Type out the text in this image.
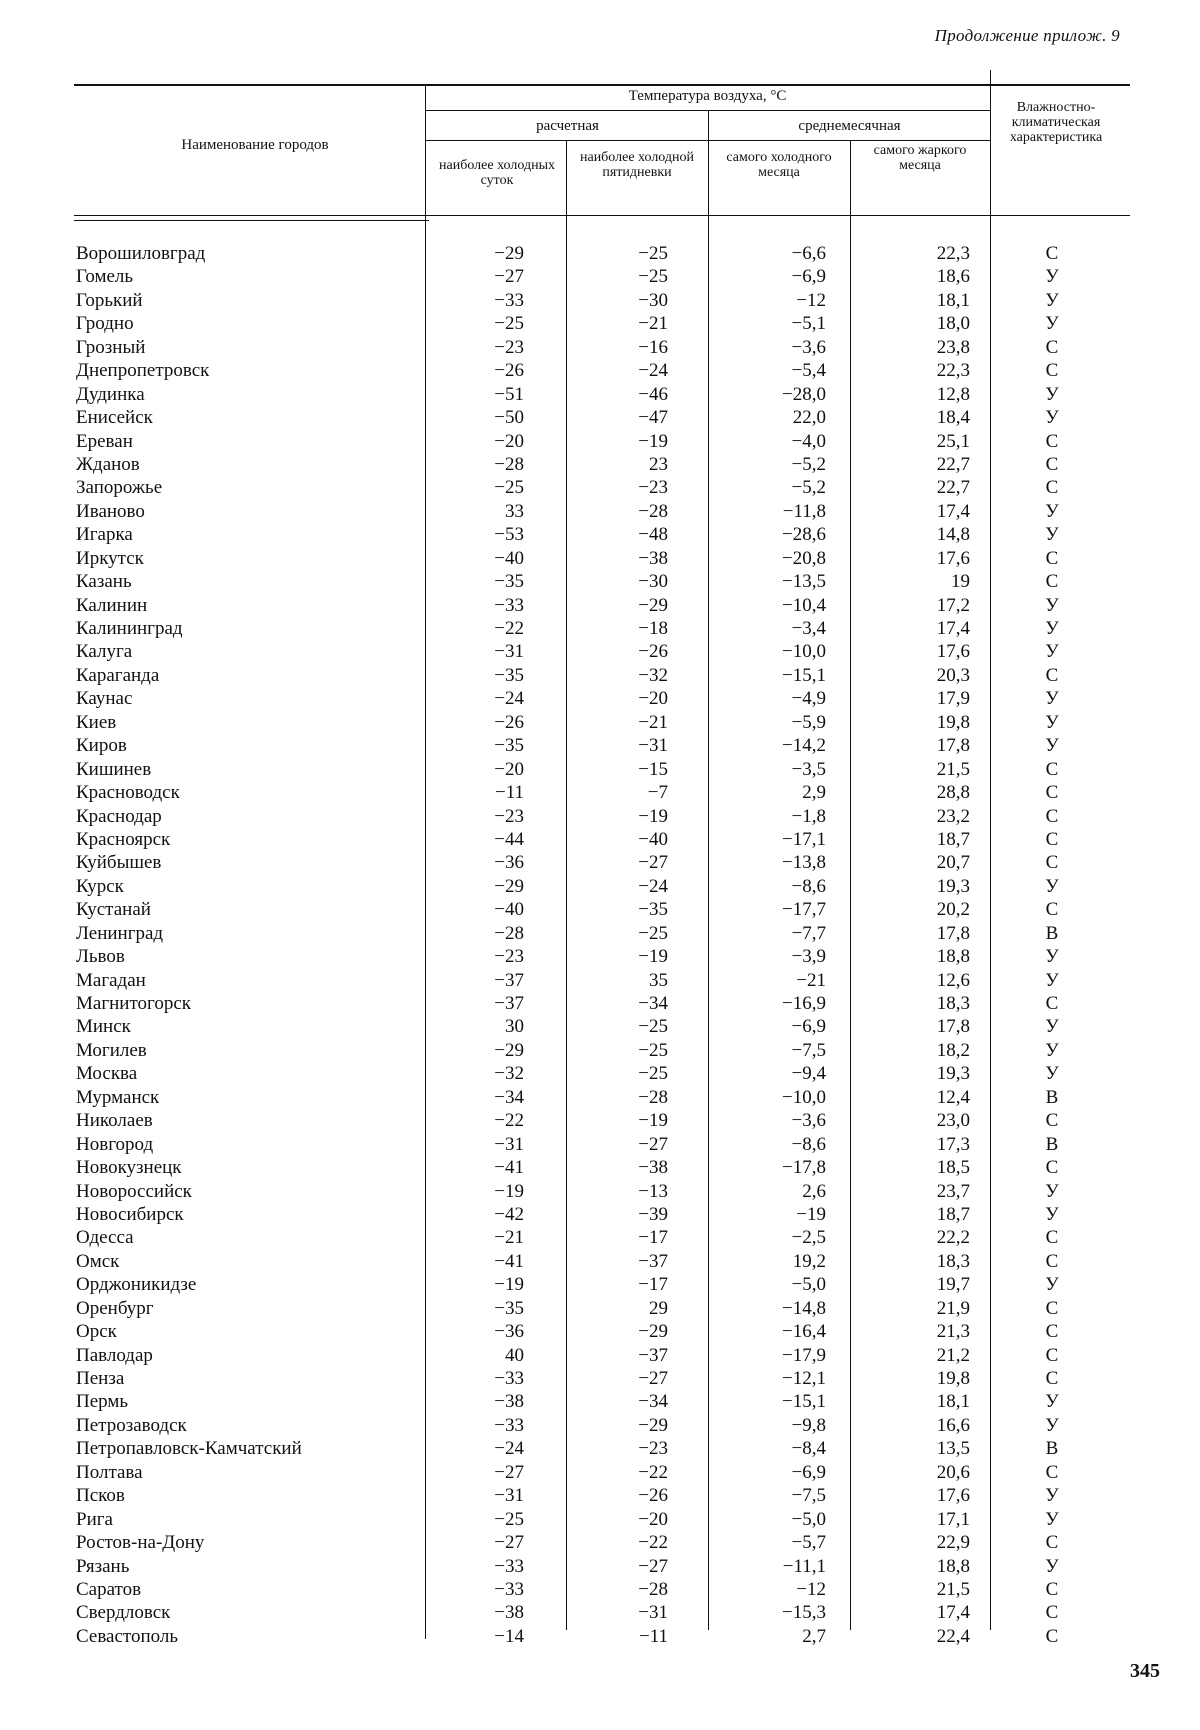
Продолжение прилож. 9
Наименование городов
Температура воздуха, °С
расчетная	среднемесячная
наиболее холодных суток
наиболее холодной пятидневки
самого холодного месяца
самого жаркого месяца
Влажностно-климатическая характеристика
Ворошиловград	−29	−25	−6,6	22,3	С
Гомель	−27	−25	−6,9	18,6	У
Горький	−33	−30	−12	18,1	У
Гродно	−25	−21	−5,1	18,0	У
Грозный	−23	−16	−3,6	23,8	С
Днепропетровск	−26	−24	−5,4	22,3	С
Дудинка	−51	−46	−28,0	12,8	У
Енисейск	−50	−47	22,0	18,4	У
Ереван	−20	−19	−4,0	25,1	С
Жданов	−28	23	−5,2	22,7	С
Запорожье	−25	−23	−5,2	22,7	С
Иваново	33	−28	−11,8	17,4	У
Игарка	−53	−48	−28,6	14,8	У
Иркутск	−40	−38	−20,8	17,6	С
Казань	−35	−30	−13,5	19	С
Калинин	−33	−29	−10,4	17,2	У
Калининград	−22	−18	−3,4	17,4	У
Калуга	−31	−26	−10,0	17,6	У
Караганда	−35	−32	−15,1	20,3	С
Каунас	−24	−20	−4,9	17,9	У
Киев	−26	−21	−5,9	19,8	У
Киров	−35	−31	−14,2	17,8	У
Кишинев	−20	−15	−3,5	21,5	С
Красноводск	−11	−7	2,9	28,8	С
Краснодар	−23	−19	−1,8	23,2	С
Красноярск	−44	−40	−17,1	18,7	С
Куйбышев	−36	−27	−13,8	20,7	С
Курск	−29	−24	−8,6	19,3	У
Кустанай	−40	−35	−17,7	20,2	С
Ленинград	−28	−25	−7,7	17,8	В
Львов	−23	−19	−3,9	18,8	У
Магадан	−37	35	−21	12,6	У
Магнитогорск	−37	−34	−16,9	18,3	С
Минск	30	−25	−6,9	17,8	У
Могилев	−29	−25	−7,5	18,2	У
Москва	−32	−25	−9,4	19,3	У
Мурманск	−34	−28	−10,0	12,4	В
Николаев	−22	−19	−3,6	23,0	С
Новгород	−31	−27	−8,6	17,3	В
Новокузнецк	−41	−38	−17,8	18,5	С
Новороссийск	−19	−13	2,6	23,7	У
Новосибирск	−42	−39	−19	18,7	У
Одесса	−21	−17	−2,5	22,2	С
Омск	−41	−37	19,2	18,3	С
Орджоникидзе	−19	−17	−5,0	19,7	У
Оренбург	−35	29	−14,8	21,9	С
Орск	−36	−29	−16,4	21,3	С
Павлодар	40	−37	−17,9	21,2	С
Пенза	−33	−27	−12,1	19,8	С
Пермь	−38	−34	−15,1	18,1	У
Петрозаводск	−33	−29	−9,8	16,6	У
Петропавловск-Камчатский	−24	−23	−8,4	13,5	В
Полтава	−27	−22	−6,9	20,6	С
Псков	−31	−26	−7,5	17,6	У
Рига	−25	−20	−5,0	17,1	У
Ростов-на-Дону	−27	−22	−5,7	22,9	С
Рязань	−33	−27	−11,1	18,8	У
Саратов	−33	−28	−12	21,5	С
Свердловск	−38	−31	−15,3	17,4	С
Севастополь	−14	−11	2,7	22,4	С
345
